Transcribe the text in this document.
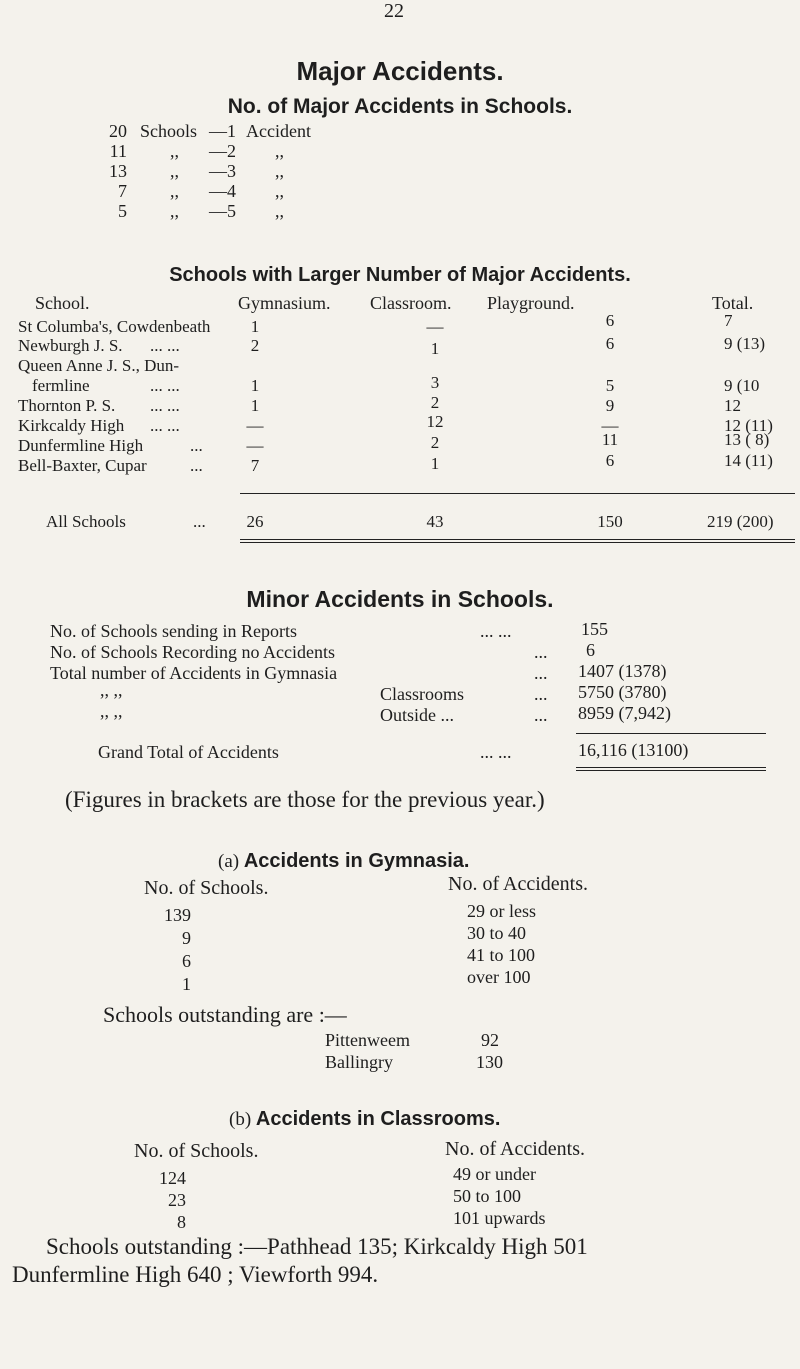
22
Major Accidents.
No. of Major Accidents in Schools.
20 Schools —1 Accident
11 ,, —2 ,,
13 ,, —3 ,,
7 ,, —4 ,,
5 ,, —5 ,,
Schools with Larger Number of Major Accidents.
School.	Gymnasium. Classroom. Playground.	Total.
St Columba's, Cowdenbeath	1	—	6	7
Newburgh J. S. ... ...	2	1	6	9 (13)
Queen Anne J. S., Dun-
fermline	... ...	1	3	5	9 (10
Thornton P. S. ... ...	1	2	9	12
Kirkcaldy High ... ...	—	12	—	12 (11)
Dunfermline High	...	—	2	11	13 ( 8)
Bell-Baxter, Cupar	...	7	1	6	14 (11)
All Schools	...	26	43	150	219 (200)
Minor Accidents in Schools.
No. of Schools sending in Reports	... ...	155
No. of Schools Recording no Accidents	... 6
Total number of Accidents in Gymnasia	... 1407 (1378)
,, ,,	Classrooms	... 5750 (3780)
,, ,,	Outside ...	... 8959 (7,942)
Grand Total of Accidents	... ...	16,116 (13100)
(Figures in brackets are those for the previous year.)
(a) Accidents in Gymnasia.
No. of Schools.	No. of Accidents.
139	29 or less
9	30 to 40
6	41 to 100
1	over 100
Schools outstanding are :—
Pittenweem	92
Ballingry	130
(b) Accidents in Classrooms.
No. of Schools.	No. of Accidents.
124	49 or under
23	50 to 100
8	101 upwards
Schools outstanding :—Pathhead 135; Kirkcaldy High 501
Dunfermline High 640 ; Viewforth 994.
